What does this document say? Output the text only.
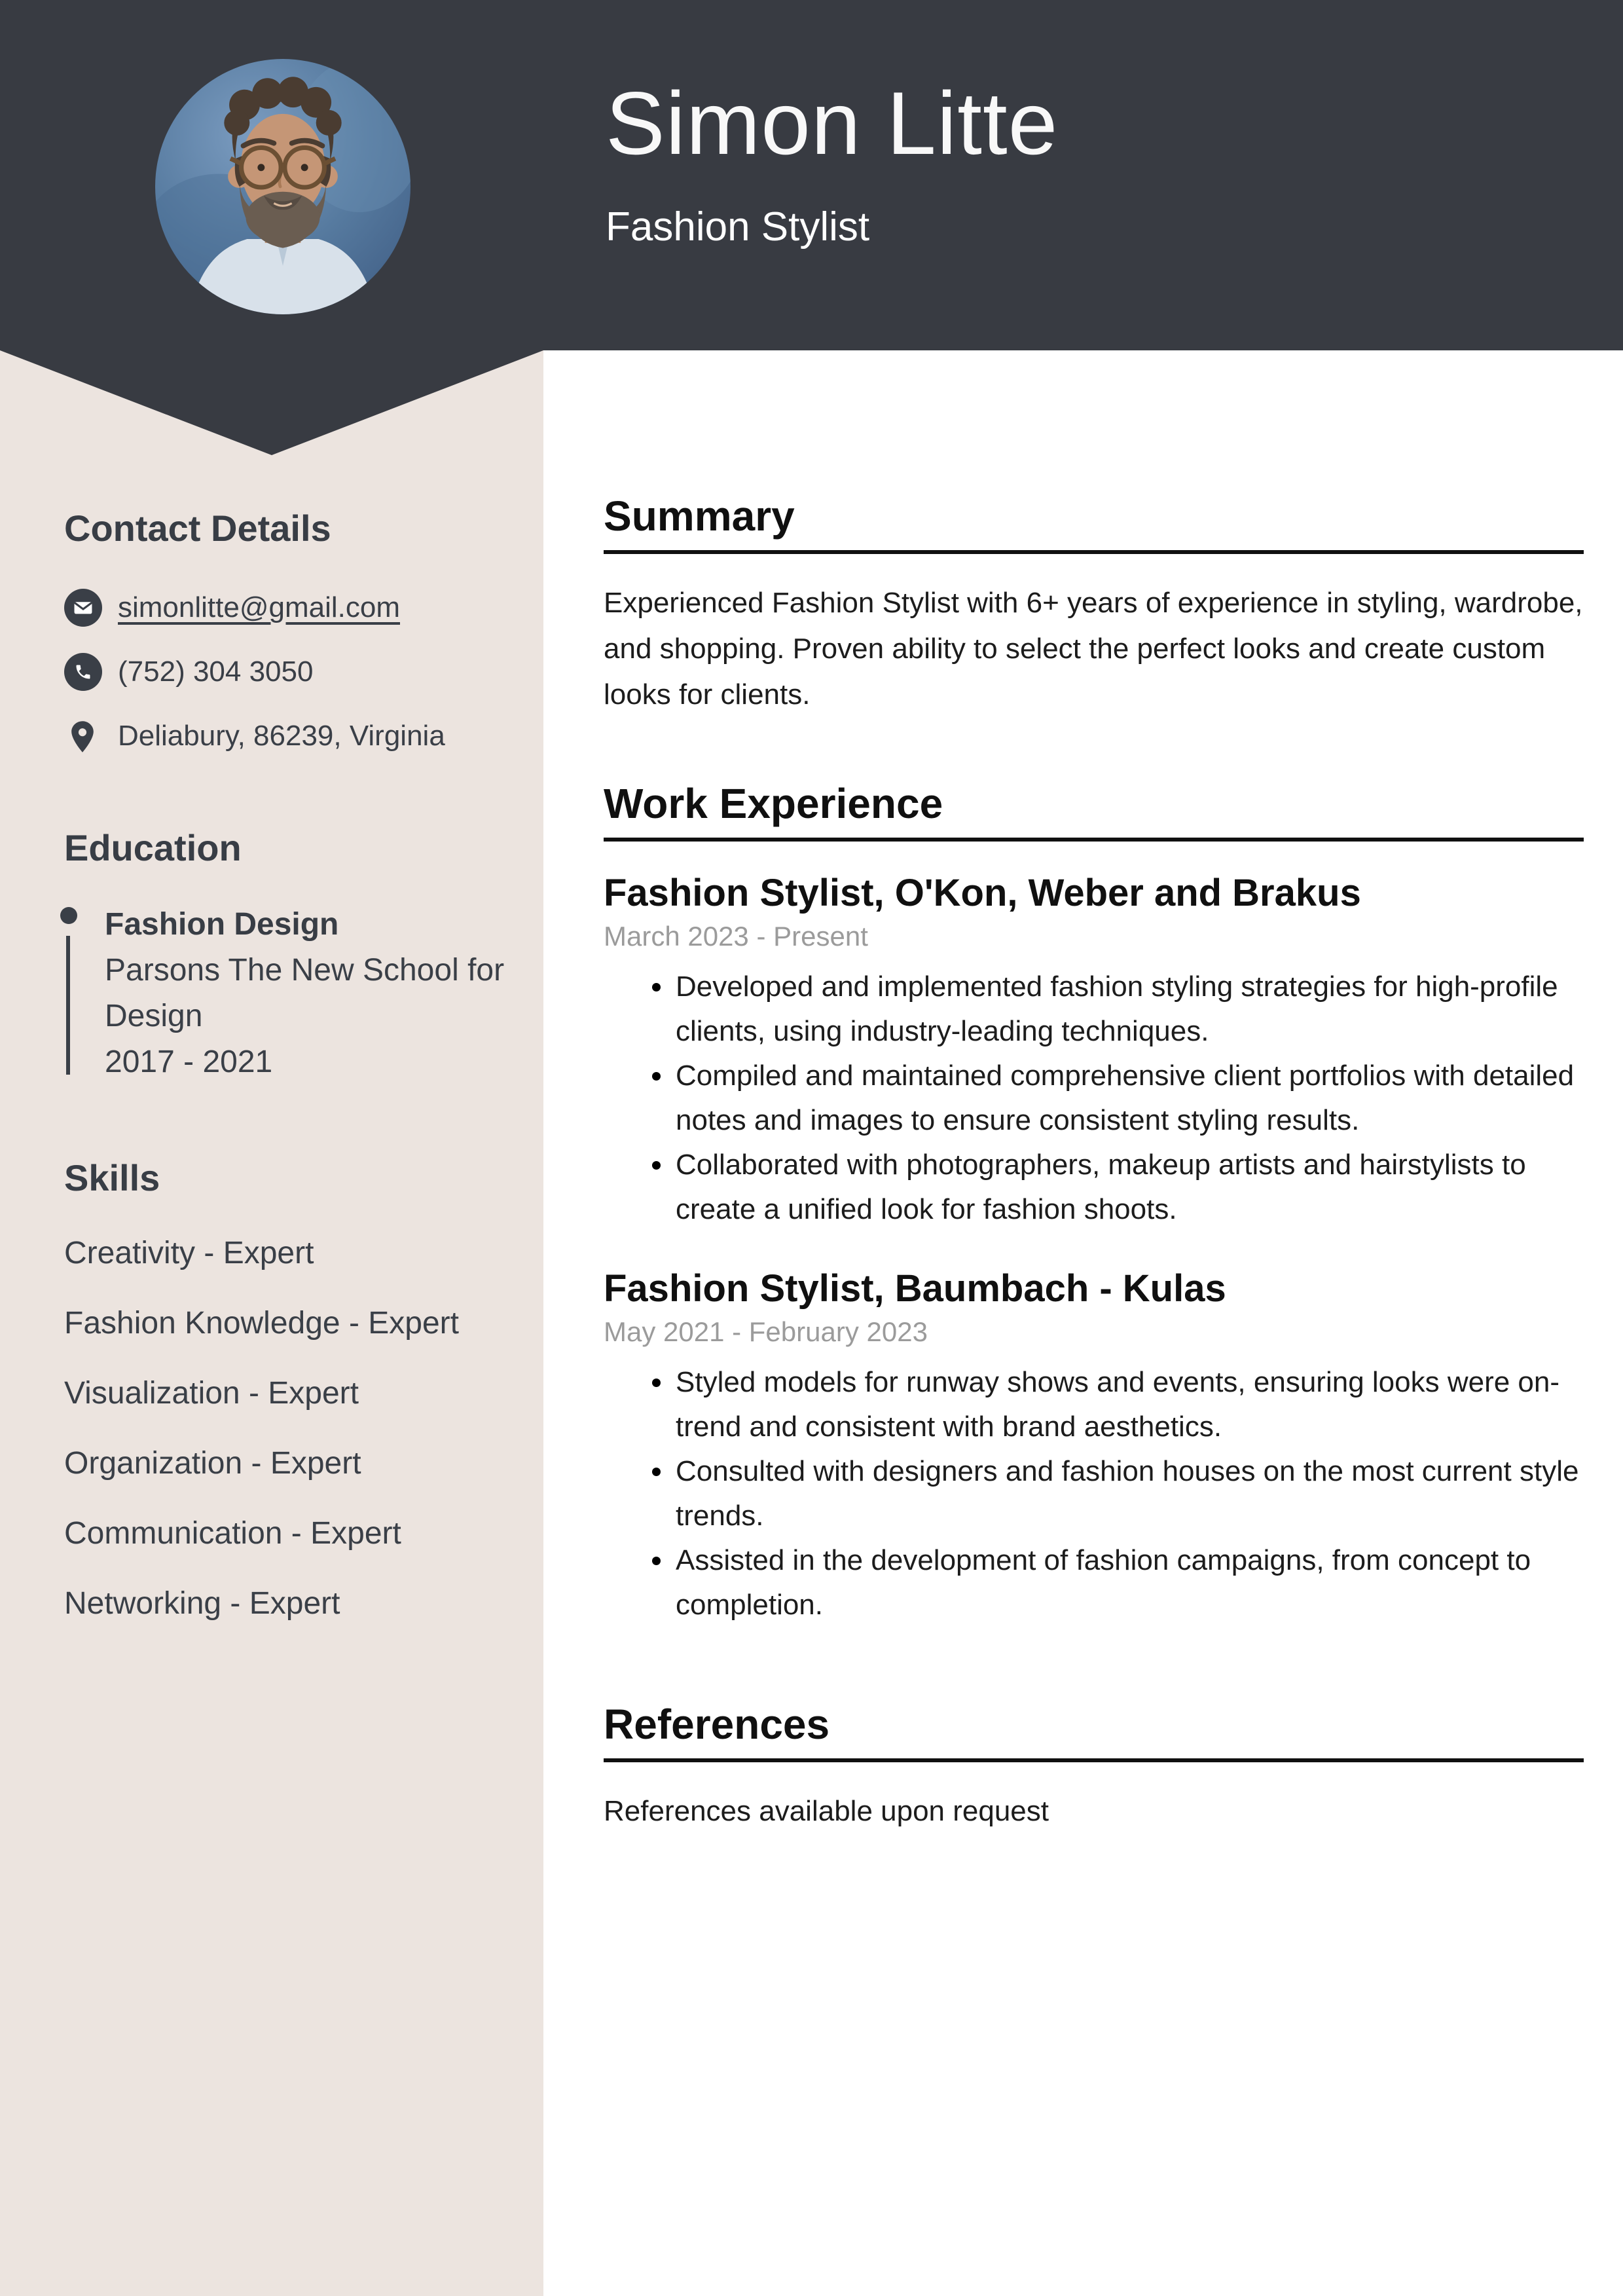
Simon Litte
Fashion Stylist
Contact Details
simonlitte@gmail.com
(752) 304 3050
Deliabury, 86239, Virginia
Education
Fashion Design
Parsons The New School for Design
2017 - 2021
Skills
Creativity - Expert
Fashion Knowledge - Expert
Visualization - Expert
Organization - Expert
Communication - Expert
Networking - Expert
Summary

Experienced Fashion Stylist with 6+ years of experience in styling, wardrobe, and shopping. Proven ability to select the perfect looks and create custom looks for clients.

Work Experience
Fashion Stylist, O'Kon, Weber and Brakus
March 2023 - Present
Developed and implemented fashion styling strategies for high-profile clients, using industry-leading techniques.
Compiled and maintained comprehensive client portfolios with detailed notes and images to ensure consistent styling results.
Collaborated with photographers, makeup artists and hairstylists to create a unified look for fashion shoots.
Fashion Stylist, Baumbach - Kulas
May 2021 - February 2023
Styled models for runway shows and events, ensuring looks were on-trend and consistent with brand aesthetics.
Consulted with designers and fashion houses on the most current style trends.
Assisted in the development of fashion campaigns, from concept to completion.
References

References available upon request
